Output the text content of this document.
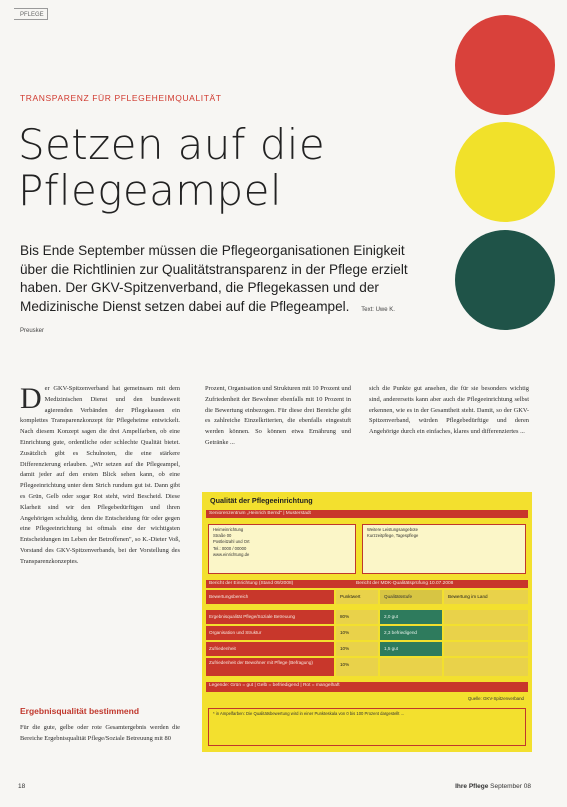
PFLEGE
TRANSPARENZ FÜR PFLEGEHEIMQUALITÄT
Setzen auf die
Pflegeampel

Bis Ende September müssen die Pflegeorganisationen Einigkeit über die Richtlinien zur Qualitätstransparenz in der Pflege erzielt haben. Der GKV-Spitzenverband, die Pflegekassen und der Medizinische Dienst setzen dabei auf die Pflegeampel. Text: Uwe K. Preusker

D er GKV-Spitzenverband hat gemeinsam mit dem Medizinischen Dienst und den bundesweit agierenden Verbänden der Pflegekassen ein komplettes Transparenzkonzept für Pflegeheime entwickelt. Nach diesem Konzept sagen die drei Ampelfarben, ob eine Einrichtung gute, ordentliche oder schlechte Qualität bietet. Zusätzlich gibt es Schulnoten, die eine stärkere Differenzierung erlauben. „Wir setzen auf die Pflegeampel, damit jeder auf den ersten Blick sehen kann, ob eine Pflegeeinrichtung unter dem Strich rundum gut ist. Dann gibt es Grün, Gelb oder sogar Rot steht, wird Bescheid. Diese Klarheit sind wir den Pflegebedürftigen und ihren Angehörigen schuldig, denn die Entscheidung für oder gegen eine Pflegeeinrichtung ist oftmals eine der wichtigsten Entscheidungen im Leben der Betroffenen", so K.-Dieter Voß, Vorstand des GKV-Spitzenverbands, bei der Vorstellung des Transparenzkonzeptes.

Ergebnisqualität bestimmend

Für die gute, gelbe oder rote Gesamtergebnis werden die Bereiche Ergebnisqualität Pflege/Soziale Betreuung mit 80

Prozent, Organisation und Strukturen mit 10 Prozent und Zufriedenheit der Bewohner ebenfalls mit 10 Prozent in die Bewertung einbezogen. Für diese drei Bereiche gibt es zahlreiche Einzelkriterien, die ebenfalls eingestuft werden können. So können etwa Ernährung und Getränke ...

sich die Punkte gut ansehen, die für sie besonders wichtig sind, andererseits kann aber auch die Pflegeeinrichtung selbst erkennen, wie es in der Gesamtheit steht. Damit, so der GKV-Spitzenverband, würden Pflegebedürftige und deren Angehörige durch ein einfaches, klares und differenziertes ...

Qualität der Pflegeeinrichtung
Seniorenzentrum „Heinrich Bernd" | Musterstadt
Heimeinrichtung
Straße 00
Postleitzahl und Ort
Tel.: 0000 / 00000
www.einrichtung.de
Weitere Leistungsangebote
Kurzzeitpflege, Tagespflege
Bericht der Einrichtung (Stand 09/2008)	Bericht der MDK-Qualitätsprüfung 10.07.2008
Bewertungsbereich	Punktwert	Qualitätsstufe	Bewertung im Land
Ergebnisqualität Pflege/Soziale Betreuung	80%	2,0 gut
Organisation und Struktur	10%	2,3 befriedigend
Zufriedenheit	10%	1,5 gut
Zufriedenheit der Bewohner mit Pflege (Befragung)	10%
Legende: Grün = gut | Gelb = befriedigend | Rot = mangelhaft
Quelle: GKV-Spitzenverband
* in Ampelfarben: Die Qualitätsbewertung wird in einer Punkteskala von 0 bis 100 Prozent dargestellt ...
18	Ihre Pflege September 08
